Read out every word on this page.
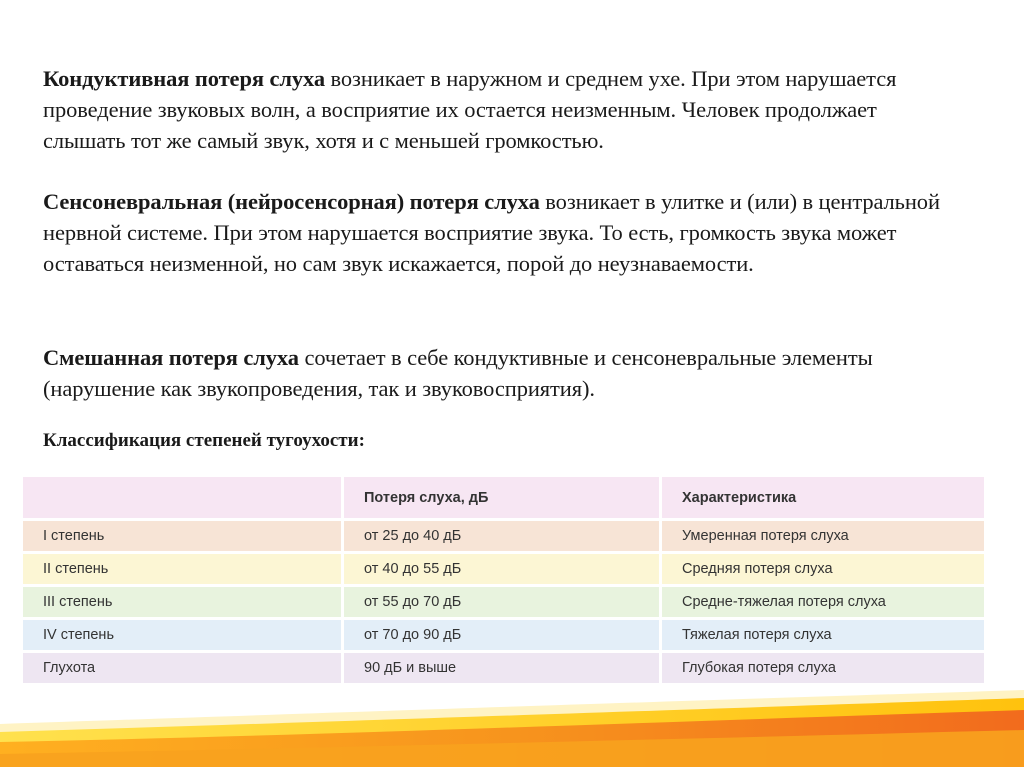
Кондуктивная потеря слуха возникает в наружном и среднем ухе. При этом нарушается проведение звуковых волн, а восприятие их остается неизменным. Человек продолжает слышать тот же самый звук, хотя и с меньшей громкостью.

Сенсоневральная (нейросенсорная) потеря слуха возникает в улитке и (или) в центральной нервной системе. При этом нарушается восприятие звука. То есть, громкость звука может оставаться неизменной, но сам звук искажается, порой до неузнаваемости.

Смешанная потеря слуха сочетает в себе кондуктивные и сенсоневральные элементы (нарушение как звукопроведения, так и звуковосприятия).

Классификация степеней тугоухости:

	Потеря слуха, дБ	Характеристика
I степень	от 25 до 40 дБ	Умеренная потеря слуха
II степень	от 40 до 55 дБ	Средняя потеря слуха
III степень	от 55 до 70 дБ	Средне-тяжелая потеря слуха
IV степень	от 70 до 90 дБ	Тяжелая потеря слуха
Глухота	90 дБ и выше	Глубокая потеря слуха
